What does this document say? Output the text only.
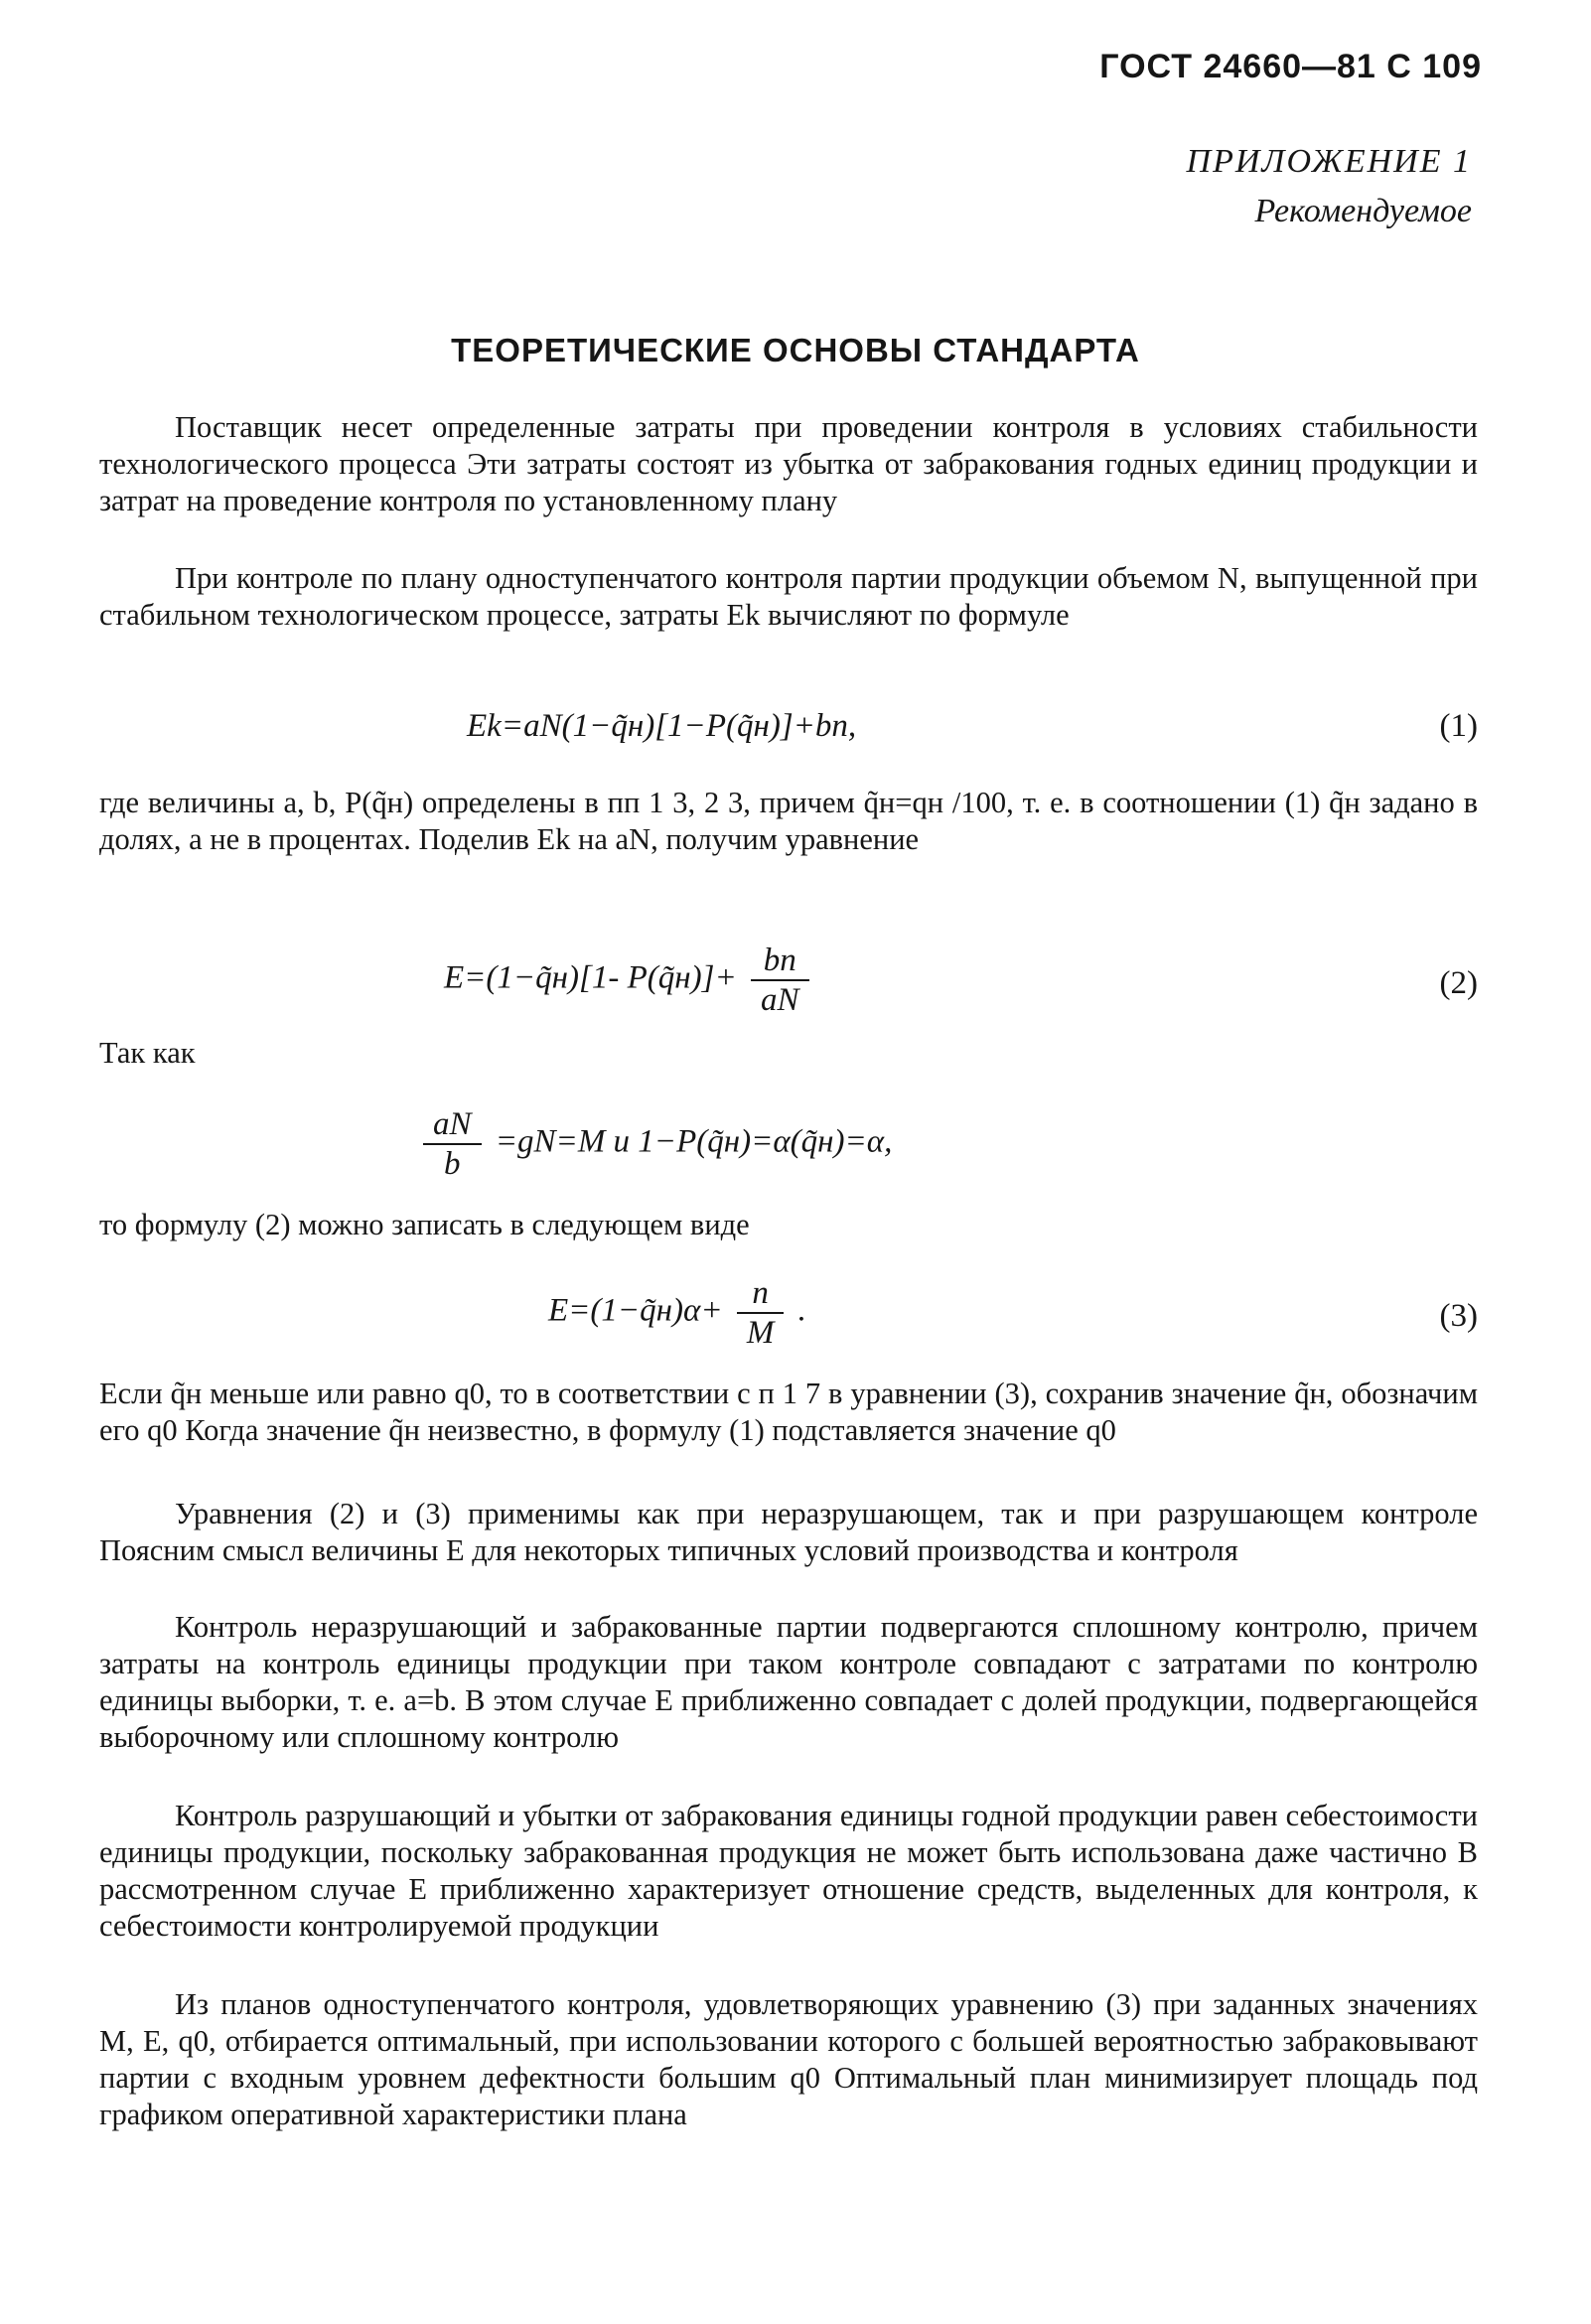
ГОСТ 24660—81 С 109
ПРИЛОЖЕНИЕ 1
Рекомендуемое
ТЕОРЕТИЧЕСКИЕ ОСНОВЫ СТАНДАРТА

Поставщик несет определенные затраты при проведении контроля в условиях стабильности технологического процесса Эти затраты состоят из убытка от забракования годных единиц продукции и затрат на проведение контроля по установленному плану

При контроле по плану одноступенчатого контроля партии продукции объемом N, выпущенной при стабильном технологическом процессе, затраты Ek вычисляют по формуле

Ek=aN(1−q̃н)[1−P(q̃н)]+bn,	(1)

где величины a, b, P(q̃н) определены в пп 1 3, 2 3, причем q̃н=qн /100, т. е. в соотношении (1) q̃н задано в долях, а не в процентах. Поделив Ek на aN, получим уравнение

E=(1−q̃н)[1- P(q̃н)]+ $\frac{bn}{aN}$	(2)

Так как

$\frac{aN}{b} =gN=M$ и 1−P(q̃н)=α(q̃н)=α,

то формулу (2) можно записать в следующем виде

E=(1−q̃н)α+ $\frac{n}{M}$ .	(3)

Если q̃н меньше или равно q0, то в соответствии с п 1 7 в уравнении (3), сохранив значение q̃н, обозначим его q0 Когда значение q̃н неизвестно, в формулу (1) подставляется значение q0

Уравнения (2) и (3) применимы как при неразрушающем, так и при разрушающем контроле Поясним смысл величины E для некоторых типичных условий производства и контроля

Контроль неразрушающий и забракованные партии подвергаются сплошному контролю, причем затраты на контроль единицы продукции при таком контроле совпадают с затратами по контролю единицы выборки, т. е. a=b. В этом случае E приближенно совпадает с долей продукции, подвергающейся выборочному или сплошному контролю

Контроль разрушающий и убытки от забракования единицы годной продукции равен себестоимости единицы продукции, поскольку забракованная продукция не может быть использована даже частично В рассмотренном случае E приближенно характеризует отношение средств, выделенных для контроля, к себестоимости контролируемой продукции

Из планов одноступенчатого контроля, удовлетворяющих уравнению (3) при заданных значениях M, E, q0, отбирается оптимальный, при использовании которого с большей вероятностью забраковывают партии с входным уровнем дефектности большим q0 Оптимальный план минимизирует площадь под графиком оперативной характеристики плана
